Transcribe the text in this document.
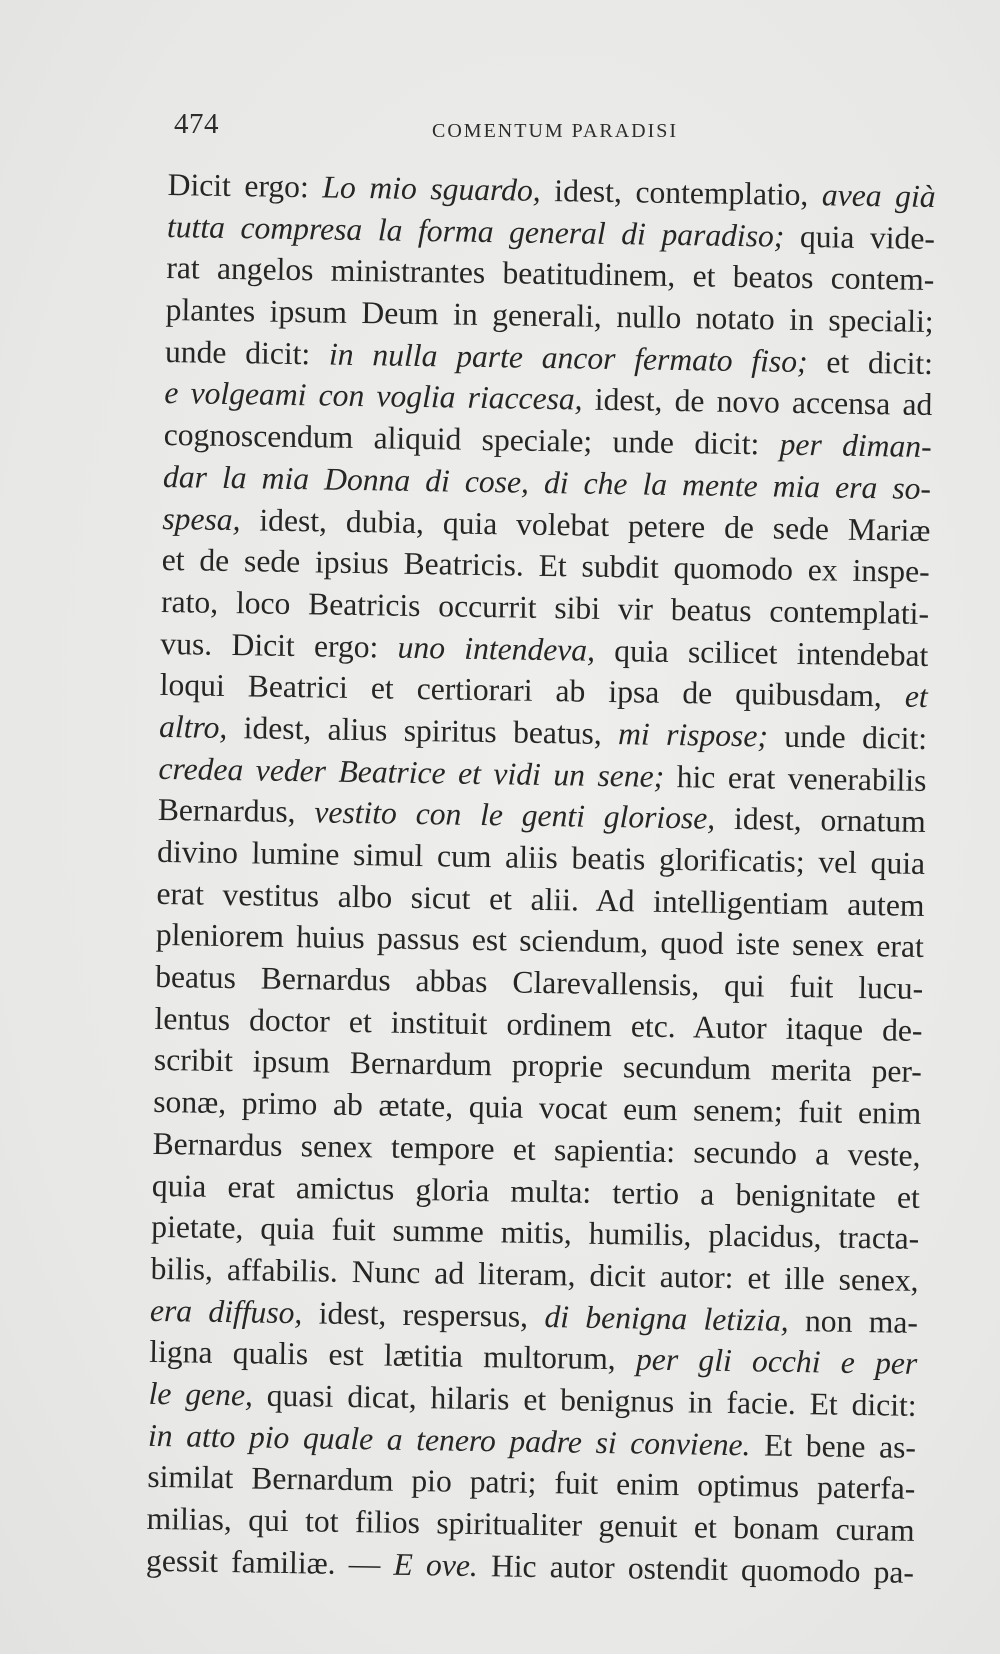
474	COMENTUM PARADISI
Dicit ergo: Lo mio sguardo, idest, contemplatio, avea già
tutta compresa la forma general di paradiso; quia vide-
rat angelos ministrantes beatitudinem, et beatos contem-
plantes ipsum Deum in generali, nullo notato in speciali;
unde dicit: in nulla parte ancor fermato fiso; et dicit:
e volgeami con voglia riaccesa, idest, de novo accensa ad
cognoscendum aliquid speciale; unde dicit: per diman-
dar la mia Donna di cose, di che la mente mia era so-
spesa, idest, dubia, quia volebat petere de sede Mariæ
et de sede ipsius Beatricis. Et subdit quomodo ex inspe-
rato, loco Beatricis occurrit sibi vir beatus contemplati-
vus. Dicit ergo: uno intendeva, quia scilicet intendebat
loqui Beatrici et certiorari ab ipsa de quibusdam, et
altro, idest, alius spiritus beatus, mi rispose; unde dicit:
credea veder Beatrice et vidi un sene; hic erat venerabilis
Bernardus, vestito con le genti gloriose, idest, ornatum
divino lumine simul cum aliis beatis glorificatis; vel quia
erat vestitus albo sicut et alii. Ad intelligentiam autem
pleniorem huius passus est sciendum, quod iste senex erat
beatus Bernardus abbas Clarevallensis, qui fuit lucu-
lentus doctor et instituit ordinem etc. Autor itaque de-
scribit ipsum Bernardum proprie secundum merita per-
sonæ, primo ab ætate, quia vocat eum senem; fuit enim
Bernardus senex tempore et sapientia: secundo a veste,
quia erat amictus gloria multa: tertio a benignitate et
pietate, quia fuit summe mitis, humilis, placidus, tracta-
bilis, affabilis. Nunc ad literam, dicit autor: et ille senex,
era diffuso, idest, respersus, di benigna letizia, non ma-
ligna qualis est lætitia multorum, per gli occhi e per
le gene, quasi dicat, hilaris et benignus in facie. Et dicit:
in atto pio quale a tenero padre si conviene. Et bene as-
similat Bernardum pio patri; fuit enim optimus paterfa-
milias, qui tot filios spiritualiter genuit et bonam curam
gessit familiæ. — E ove. Hic autor ostendit quomodo pa-
